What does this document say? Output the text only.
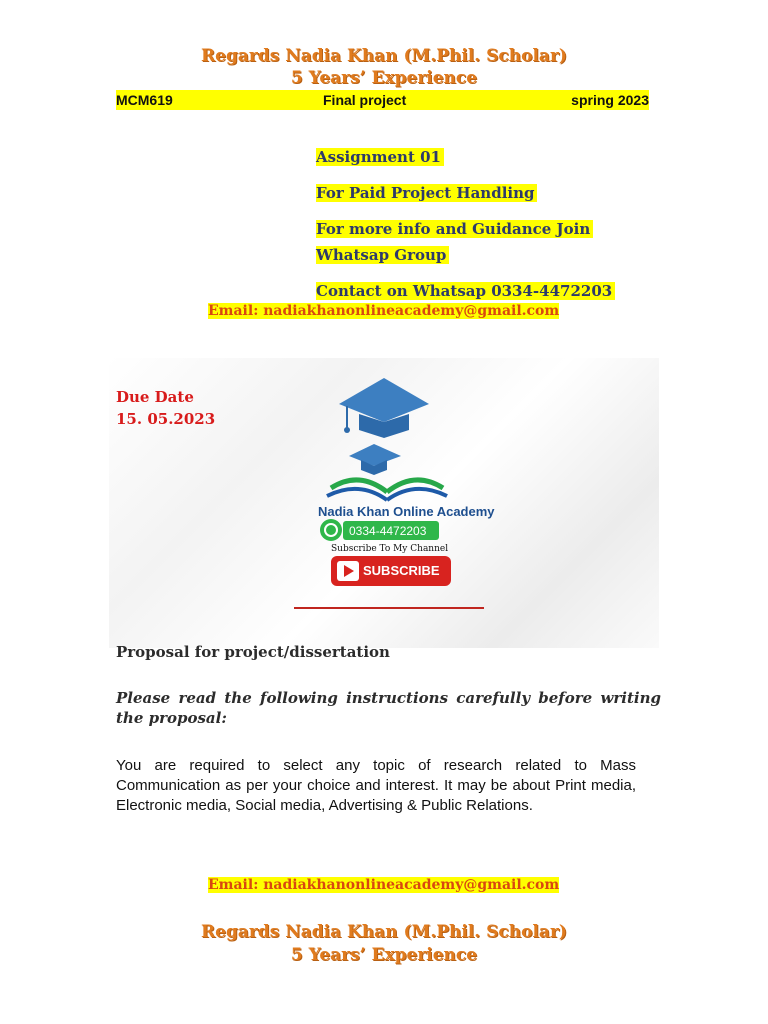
Regards Nadia Khan (M.Phil. Scholar)
5 Years’ Experience
MCM619	Final project	spring 2023
Assignment 01
For Paid Project Handling
For more info and Guidance Join
Whatsap Group
Contact on Whatsap 0334-4472203
Email: nadiakhanonlineacademy@gmail.com
Nadia Khan Online Academy
0334-4472203
Subscribe To My Channel
SUBSCRIBE
Due Date
15. 05.2023
Proposal for project/dissertation
Please read the following instructions carefully before writing the proposal:
You are required to select any topic of research related to Mass Communication as per your choice and interest. It may be about Print media, Electronic media, Social media, Advertising & Public Relations.
Email: nadiakhanonlineacademy@gmail.com
Regards Nadia Khan (M.Phil. Scholar)
5 Years’ Experience
